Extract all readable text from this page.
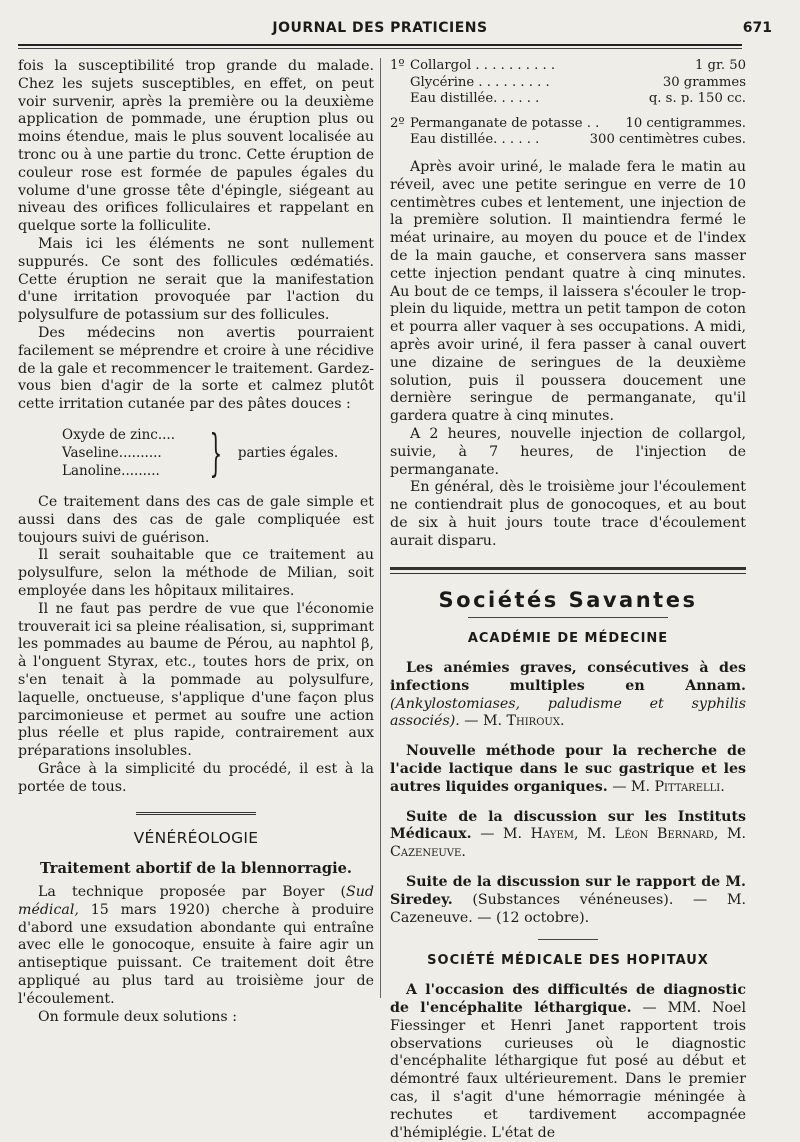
JOURNAL DES PRATICIENS	671

fois la susceptibilité trop grande du malade. Chez les sujets susceptibles, en effet, on peut voir survenir, après la première ou la deuxième application de pommade, une éruption plus ou moins étendue, mais le plus souvent localisée au tronc ou à une partie du tronc. Cette éruption de couleur rose est formée de papules égales du volume d'une grosse tête d'épingle, siégeant au niveau des orifices folliculaires et rappelant en quelque sorte la folliculite.

Mais ici les éléments ne sont nullement suppurés. Ce sont des follicules œdématiés. Cette éruption ne serait que la manifestation d'une irritation provoquée par l'action du polysulfure de potassium sur des follicules.

Des médecins non avertis pourraient facilement se méprendre et croire à une récidive de la gale et recommencer le traitement. Gardez-vous bien d'agir de la sorte et calmez plutôt cette irritation cutanée par des pâtes douces :

Oxyde de zinc....
Vaseline..........
Lanoline......... } parties égales.

Ce traitement dans des cas de gale simple et aussi dans des cas de gale compliquée est toujours suivi de guérison.

Il serait souhaitable que ce traitement au polysulfure, selon la méthode de Milian, soit employée dans les hôpitaux militaires.

Il ne faut pas perdre de vue que l'économie trouverait ici sa pleine réalisation, si, supprimant les pommades au baume de Pérou, au naphtol β, à l'onguent Styrax, etc., toutes hors de prix, on s'en tenait à la pommade au polysulfure, laquelle, onctueuse, s'applique d'une façon plus parcimonieuse et permet au soufre une action plus réelle et plus rapide, contrairement aux préparations insolubles.

Grâce à la simplicité du procédé, il est à la portée de tous.

VÉNÉRÉOLOGIE
Traitement abortif de la blennorragie.

La technique proposée par Boyer (Sud médical, 15 mars 1920) cherche à produire d'abord une exsudation abondante qui entraîne avec elle le gonocoque, ensuite à faire agir un antiseptique puissant. Ce traitement doit être appliqué au plus tard au troisième jour de l'écoulement.

On formule deux solutions :

1º Collargol . . . . . . . . . .	1 gr. 50
Glycérine . . . . . . . . .	30 grammes
Eau distillée. . . . . .	q. s. p. 150 cc.
2º Permanganate de potasse . .	10 centigrammes.
Eau distillée. . . . . .	300 centimètres cubes.

Après avoir uriné, le malade fera le matin au réveil, avec une petite seringue en verre de 10 centimètres cubes et lentement, une injection de la première solution. Il maintiendra fermé le méat urinaire, au moyen du pouce et de l'index de la main gauche, et conservera sans masser cette injection pendant quatre à cinq minutes. Au bout de ce temps, il laissera s'écouler le trop-plein du liquide, mettra un petit tampon de coton et pourra aller vaquer à ses occupations. A midi, après avoir uriné, il fera passer à canal ouvert une dizaine de seringues de la deuxième solution, puis il poussera doucement une dernière seringue de permanganate, qu'il gardera quatre à cinq minutes.

A 2 heures, nouvelle injection de collargol, suivie, à 7 heures, de l'injection de permanganate.

En général, dès le troisième jour l'écoulement ne contiendrait plus de gonocoques, et au bout de six à huit jours toute trace d'écoulement aurait disparu.

Sociétés Savantes
ACADÉMIE DE MÉDECINE

Les anémies graves, consécutives à des infections multiples en Annam. (Ankylostomiases, paludisme et syphilis associés). — M. Thiroux.

Nouvelle méthode pour la recherche de l'acide lactique dans le suc gastrique et les autres liquides organiques. — M. Pittarelli.

Suite de la discussion sur les Instituts Médicaux. — M. Hayem, M. Léon Bernard, M. Cazeneuve.

Suite de la discussion sur le rapport de M. Siredey. (Substances vénéneuses). — M. Cazeneuve. — (12 octobre).

SOCIÉTÉ MÉDICALE DES HOPITAUX

A l'occasion des difficultés de diagnostic de l'encéphalite léthargique. — MM. Noel Fiessinger et Henri Janet rapportent trois observations curieuses où le diagnostic d'encéphalite léthargique fut posé au début et démontré faux ultérieurement. Dans le premier cas, il s'agit d'une hémorragie méningée à rechutes et tardivement accompagnée d'hémiplégie. L'état de
